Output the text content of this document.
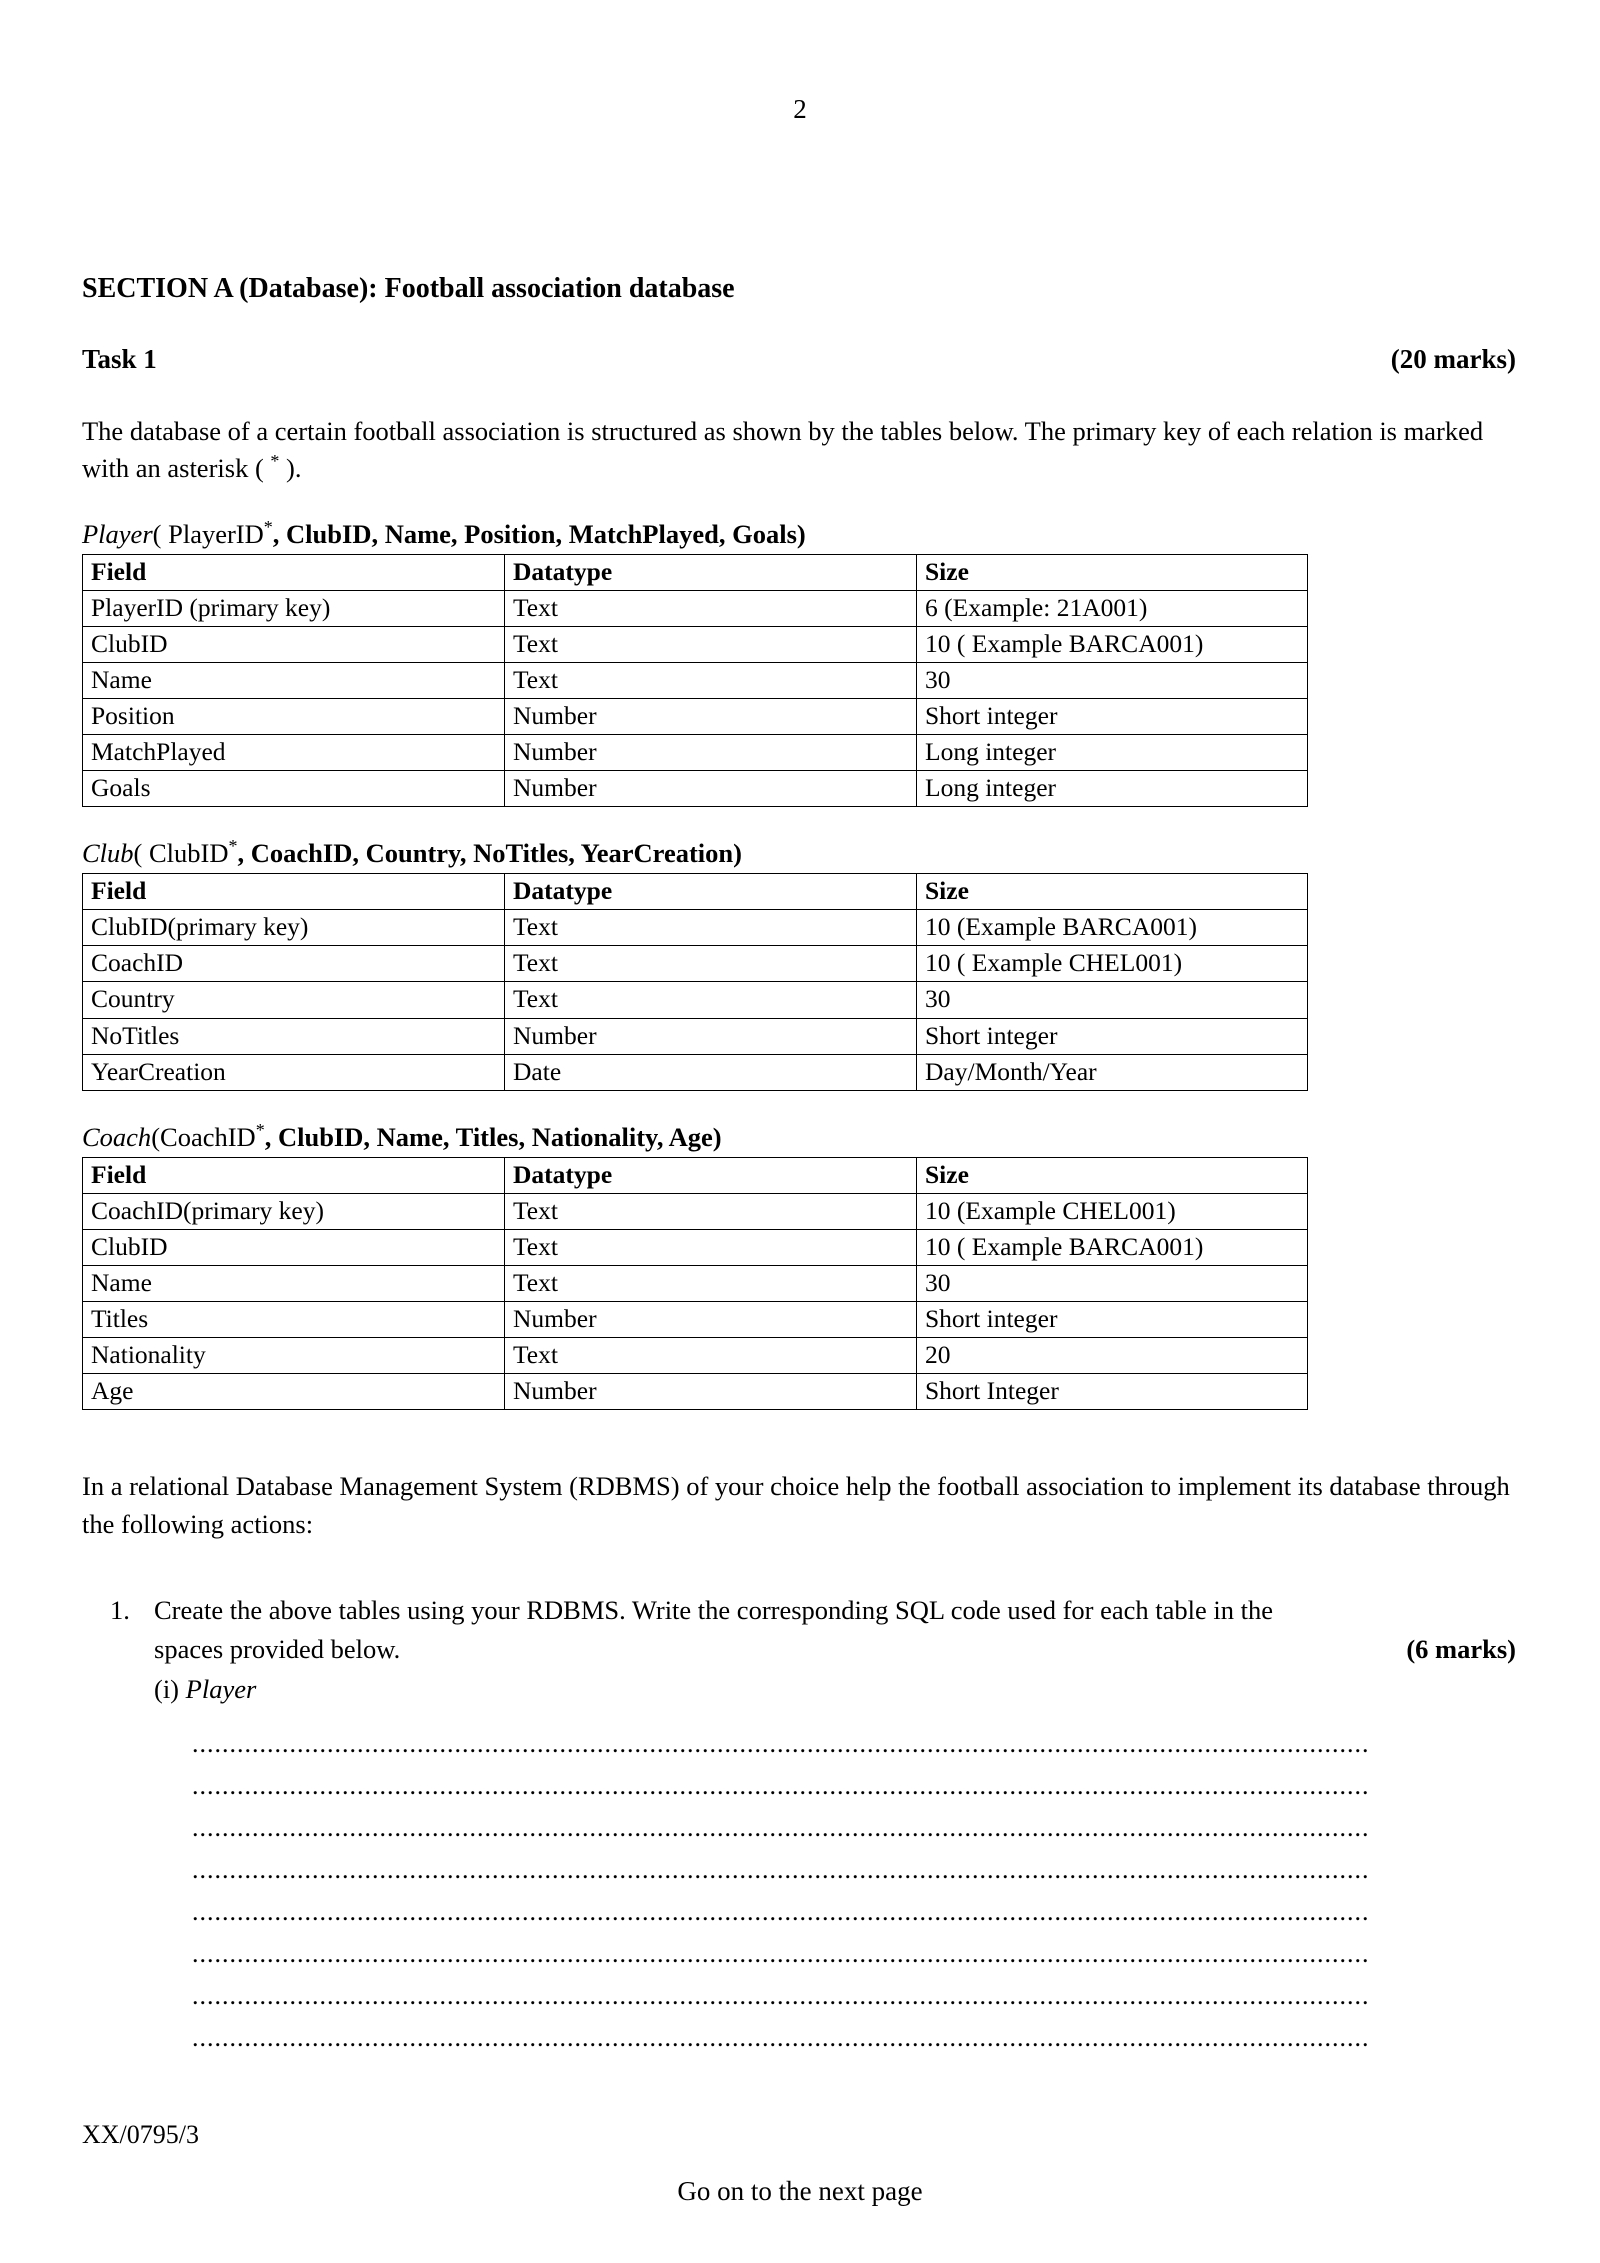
2
SECTION A (Database): Football association database
Task 1	(20 marks)
The database of a certain football association is structured as shown by the tables below. The primary key of each relation is marked with an asterisk ( * ).
Player( PlayerID*, ClubID, Name, Position, MatchPlayed, Goals)
Field	Datatype	Size
PlayerID (primary key)	Text	6 (Example: 21A001)
ClubID	Text	10 ( Example BARCA001)
Name	Text	30
Position	Number	Short integer
MatchPlayed	Number	Long integer
Goals	Number	Long integer
Club( ClubID*, CoachID, Country, NoTitles, YearCreation)
Field	Datatype	Size
ClubID(primary key)	Text	10 (Example BARCA001)
CoachID	Text	10 ( Example CHEL001)
Country	Text	30
NoTitles	Number	Short integer
YearCreation	Date	Day/Month/Year
Coach(CoachID*, ClubID, Name, Titles, Nationality, Age)
Field	Datatype	Size
CoachID(primary key)	Text	10 (Example CHEL001)
ClubID	Text	10 ( Example BARCA001)
Name	Text	30
Titles	Number	Short integer
Nationality	Text	20
Age	Number	Short Integer
In a relational Database Management System (RDBMS) of your choice help the football association to implement its database through the following actions:
1. Create the above tables using your RDBMS. Write the corresponding SQL code used for each table in the
spaces provided below.	(6 marks)
(i) Player
.............................................................................................................................................................
.............................................................................................................................................................
.............................................................................................................................................................
.............................................................................................................................................................
.............................................................................................................................................................
.............................................................................................................................................................
.............................................................................................................................................................
.............................................................................................................................................................
XX/0795/3
Go on to the next page
